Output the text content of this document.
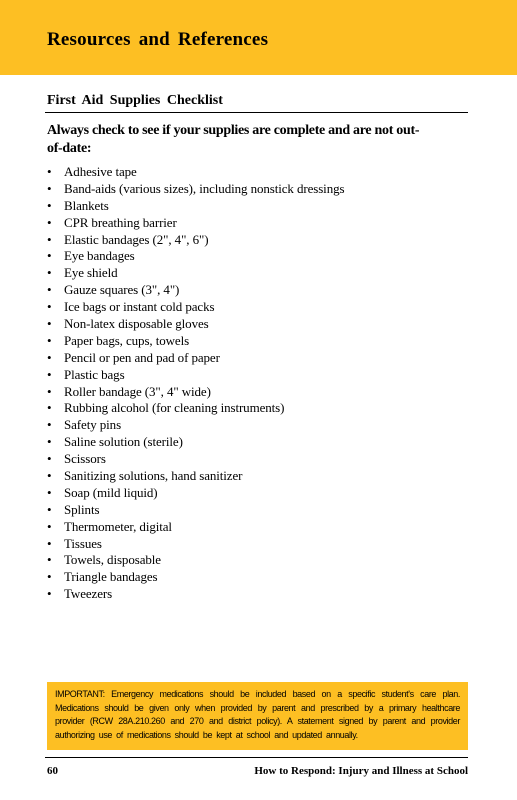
Resources and References
First Aid Supplies Checklist
Always check to see if your supplies are complete and are not out-of-date:
• Adhesive tape
• Band-aids (various sizes), including nonstick dressings
• Blankets
• CPR breathing barrier
• Elastic bandages (2", 4", 6")
• Eye bandages
• Eye shield
• Gauze squares (3", 4")
• Ice bags or instant cold packs
• Non-latex disposable gloves
• Paper bags, cups, towels
• Pencil or pen and pad of paper
• Plastic bags
• Roller bandage (3", 4" wide)
• Rubbing alcohol (for cleaning instruments)
• Safety pins
• Saline solution (sterile)
• Scissors
• Sanitizing solutions, hand sanitizer
• Soap (mild liquid)
• Splints
• Thermometer, digital
• Tissues
• Towels, disposable
• Triangle bandages
• Tweezers
IMPORTANT: Emergency medications should be included based on a specific student's care plan. Medications should be given only when provided by parent and prescribed by a primary healthcare provider (RCW 28A.210.260 and 270 and district policy). A statement signed by parent and provider authorizing use of medications should be kept at school and updated annually.
60	How to Respond: Injury and Illness at School
